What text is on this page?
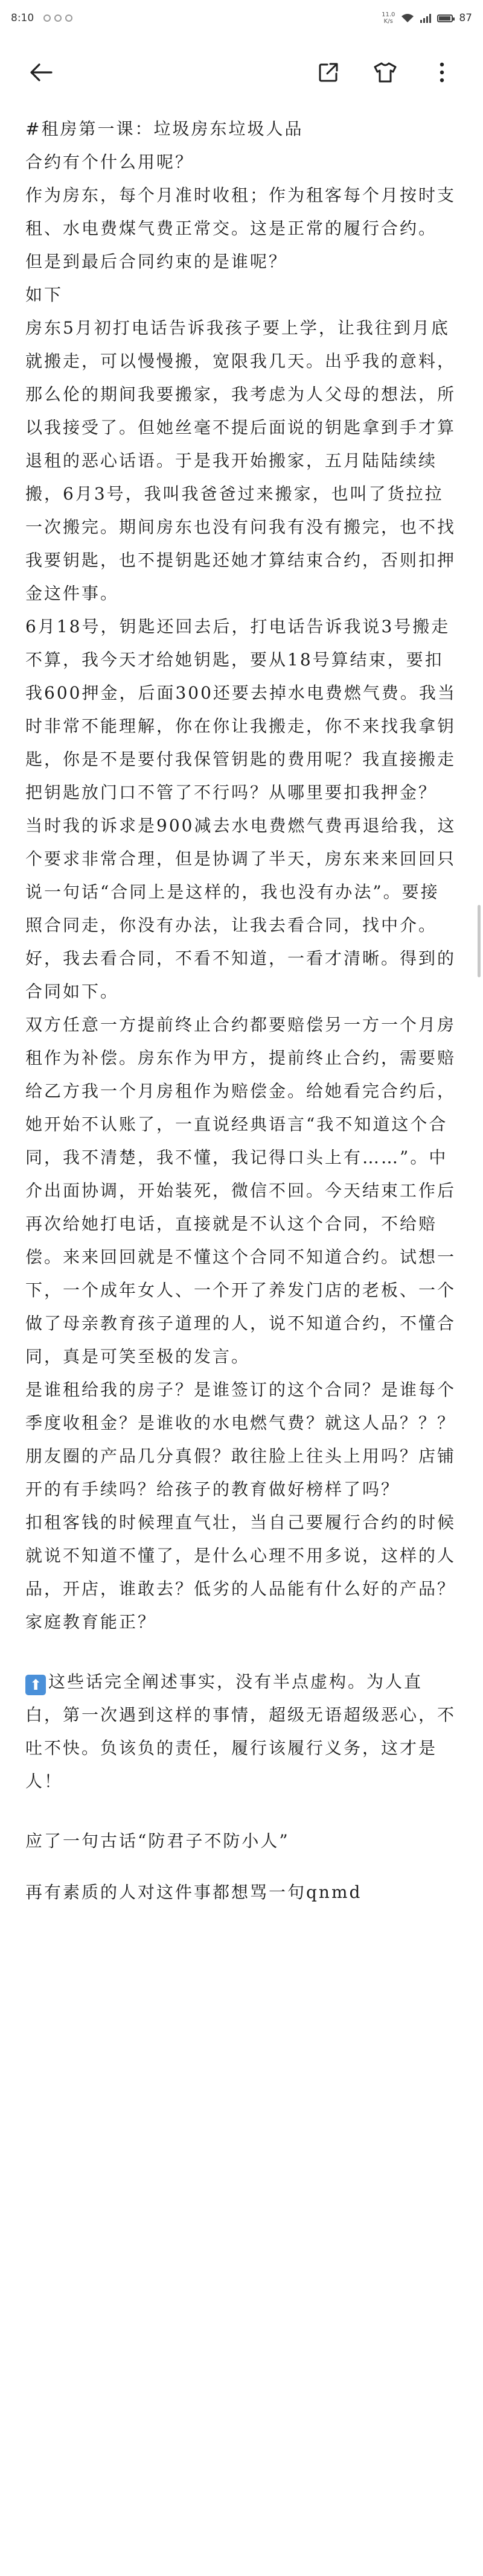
8:10	11.0
K/s	87

#租房第一课：垃圾房东垃圾人品

合约有个什么用呢？

作为房东，每个月准时收租；作为租客每个月按时支租、水电费煤气费正常交。这是正常的履行合约。

但是到最后合同约束的是谁呢？

如下

房东5月初打电话告诉我孩子要上学，让我往到月底就搬走，可以慢慢搬，宽限我几天。出乎我的意料，那么伦的期间我要搬家，我考虑为人父母的想法，所以我接受了。但她丝毫不提后面说的钥匙拿到手才算退租的恶心话语。于是我开始搬家，五月陆陆续续搬，6月3号，我叫我爸爸过来搬家，也叫了货拉拉一次搬完。期间房东也没有问我有没有搬完，也不找我要钥匙，也不提钥匙还她才算结束合约，否则扣押金这件事。

6月18号，钥匙还回去后，打电话告诉我说3号搬走不算，我今天才给她钥匙，要从18号算结束，要扣我600押金，后面300还要去掉水电费燃气费。我当时非常不能理解，你在你让我搬走，你不来找我拿钥匙，你是不是要付我保管钥匙的费用呢？我直接搬走把钥匙放门口不管了不行吗？从哪里要扣我押金？

当时我的诉求是900减去水电费燃气费再退给我，这个要求非常合理，但是协调了半天，房东来来回回只说一句话“合同上是这样的，我也没有办法”。要接照合同走，你没有办法，让我去看合同，找中介。好，我去看合同，不看不知道，一看才清晰。得到的合同如下。

双方任意一方提前终止合约都要赔偿另一方一个月房租作为补偿。房东作为甲方，提前终止合约，需要赔给乙方我一个月房租作为赔偿金。给她看完合约后，她开始不认账了，一直说经典语言“我不知道这个合同，我不清楚，我不懂，我记得口头上有……”。中介出面协调，开始装死，微信不回。今天结束工作后再次给她打电话，直接就是不认这个合同，不给赔偿。来来回回就是不懂这个合同不知道合约。试想一下，一个成年女人、一个开了养发门店的老板、一个做了母亲教育孩子道理的人，说不知道合约，不懂合同，真是可笑至极的发言。

是谁租给我的房子？是谁签订的这个合同？是谁每个季度收租金？是谁收的水电燃气费？就这人品？？？朋友圈的产品几分真假？敢往脸上往头上用吗？店铺开的有手续吗？给孩子的教育做好榜样了吗？

扣租客钱的时候理直气壮，当自己要履行合约的时候就说不知道不懂了，是什么心理不用多说，这样的人品，开店，谁敢去？低劣的人品能有什么好的产品？家庭教育能正？

⬆ 这些话完全阐述事实，没有半点虚构。为人直白，第一次遇到这样的事情，超级无语超级恶心，不吐不快。负该负的责任，履行该履行义务，这才是人！

应了一句古话“防君子不防小人”

再有素质的人对这件事都想骂一句qnmd
